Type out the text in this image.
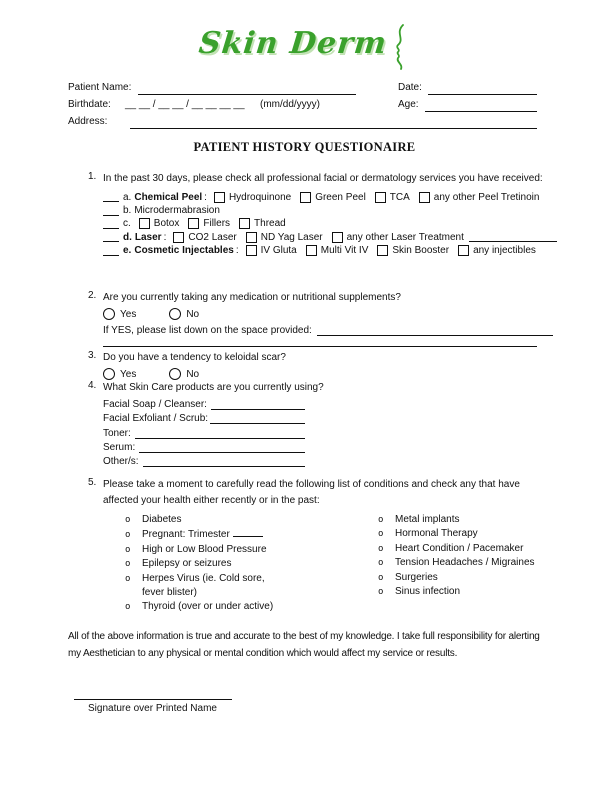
Skin Derm
Patient Name:	Date:
Birthdate: __ __ / __ __ / __ __ __ __ (mm/dd/yyyy)	Age:
Address:
PATIENT HISTORY QUESTIONAIRE
1. In the past 30 days, please check all professional facial or dermatology services you have received:
a. Chemical Peel : Hydroquinone Green Peel TCA any other Peel Tretinoin
b. Microdermabrasion
c. Botox Fillers Thread
d. Laser : CO2 Laser ND Yag Laser any other Laser Treatment
e. Cosmetic Injectables : IV Gluta Multi Vit IV Skin Booster any injectibles
2. Are you currently taking any medication or nutritional supplements?
Yes	No
If YES, please list down on the space provided:
3. Do you have a tendency to keloidal scar?
Yes	No
4. What Skin Care products are you currently using?
Facial Soap / Cleanser:
Facial Exfoliant / Scrub:
Toner:
Serum:
Other/s:
5. Please take a moment to carefully read the following list of conditions and check any that have affected your health either recently or in the past:
o	Diabetes
o	Pregnant: Trimester
o	High or Low Blood Pressure
o	Epilepsy or seizures
o	Herpes Virus (ie. Cold sore,
fever blister)
o	Thyroid (over or under active)
o	Metal implants
o	Hormonal Therapy
o	Heart Condition / Pacemaker
o	Tension Headaches / Migraines
o	Surgeries
o	Sinus infection
All of the above information is true and accurate to the best of my knowledge. I take full responsibility for alerting my Aesthetician to any physical or mental condition which would affect my service or results.
Signature over Printed Name
